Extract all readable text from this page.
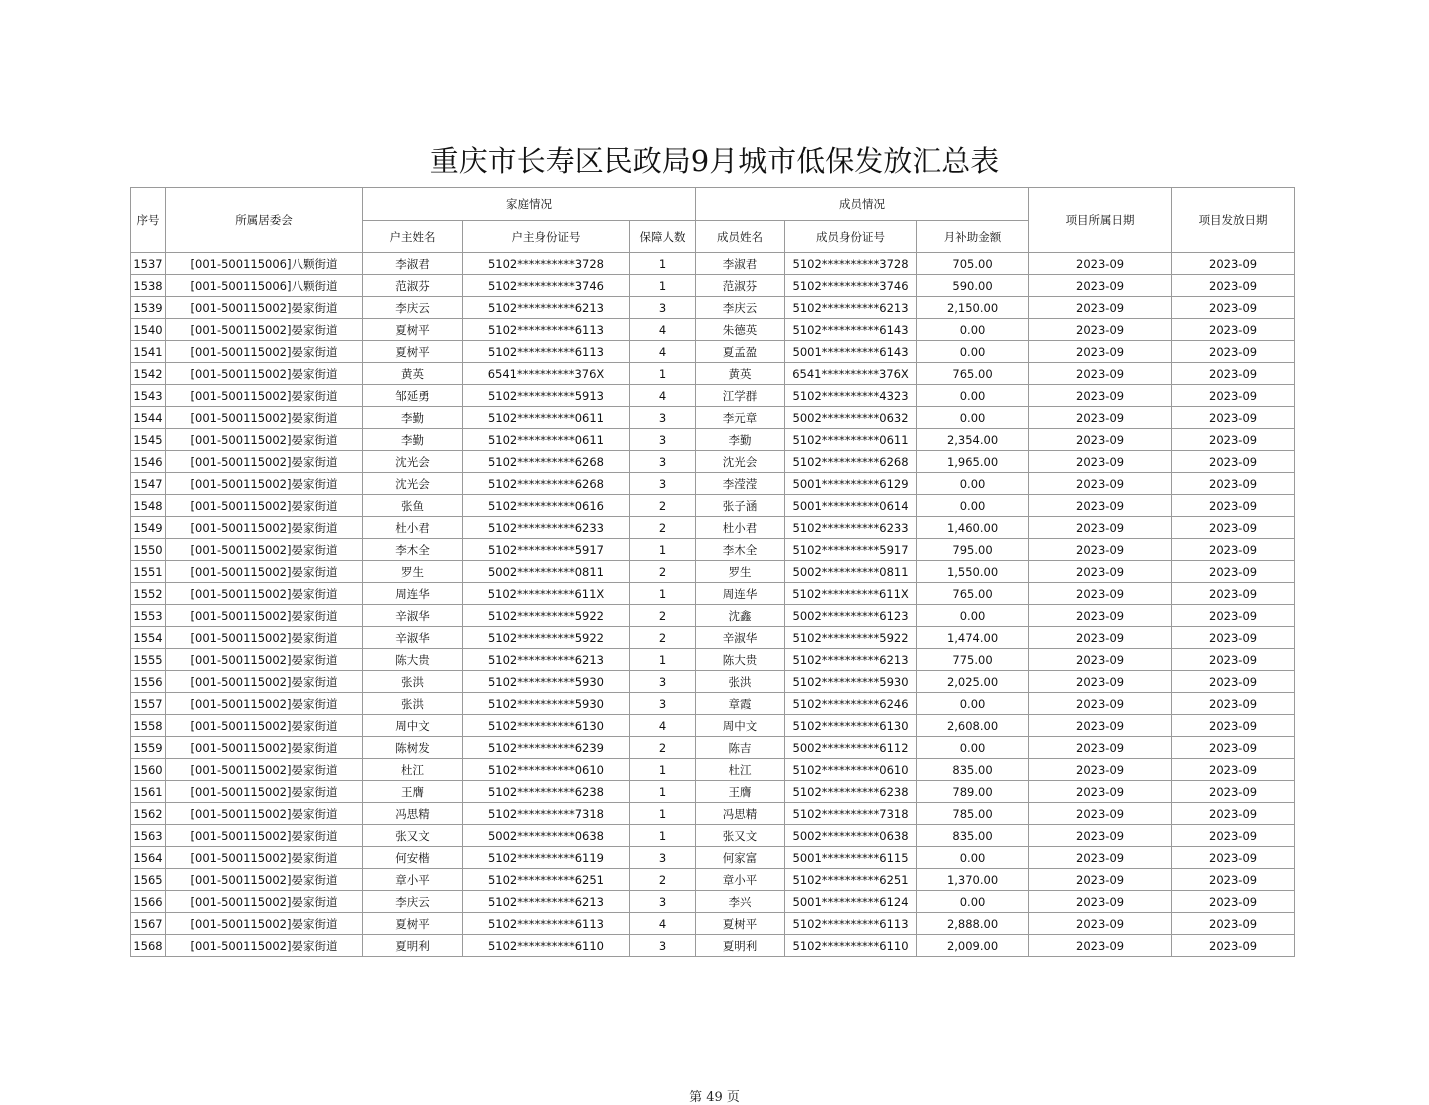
重庆市长寿区民政局9月城市低保发放汇总表
序号	所属居委会	家庭情况			成员情况			项目所属日期	项目发放日期
		户主姓名	户主身份证号	保障人数	成员姓名	成员身份证号	月补助金额		
1537	[001-500115006]八颗街道	李淑君	5102**********3728	1	李淑君	5102**********3728	705.00	2023-09	2023-09
1538	[001-500115006]八颗街道	范淑芬	5102**********3746	1	范淑芬	5102**********3746	590.00	2023-09	2023-09
1539	[001-500115002]晏家街道	李庆云	5102**********6213	3	李庆云	5102**********6213	2,150.00	2023-09	2023-09
1540	[001-500115002]晏家街道	夏树平	5102**********6113	4	朱德英	5102**********6143	0.00	2023-09	2023-09
1541	[001-500115002]晏家街道	夏树平	5102**********6113	4	夏孟盈	5001**********6143	0.00	2023-09	2023-09
1542	[001-500115002]晏家街道	黄英	6541**********376X	1	黄英	6541**********376X	765.00	2023-09	2023-09
1543	[001-500115002]晏家街道	邹延勇	5102**********5913	4	江学群	5102**********4323	0.00	2023-09	2023-09
1544	[001-500115002]晏家街道	李勤	5102**********0611	3	李元章	5002**********0632	0.00	2023-09	2023-09
1545	[001-500115002]晏家街道	李勤	5102**********0611	3	李勤	5102**********0611	2,354.00	2023-09	2023-09
1546	[001-500115002]晏家街道	沈光会	5102**********6268	3	沈光会	5102**********6268	1,965.00	2023-09	2023-09
1547	[001-500115002]晏家街道	沈光会	5102**********6268	3	李滢滢	5001**********6129	0.00	2023-09	2023-09
1548	[001-500115002]晏家街道	张鱼	5102**********0616	2	张子涵	5001**********0614	0.00	2023-09	2023-09
1549	[001-500115002]晏家街道	杜小君	5102**********6233	2	杜小君	5102**********6233	1,460.00	2023-09	2023-09
1550	[001-500115002]晏家街道	李木全	5102**********5917	1	李木全	5102**********5917	795.00	2023-09	2023-09
1551	[001-500115002]晏家街道	罗生	5002**********0811	2	罗生	5002**********0811	1,550.00	2023-09	2023-09
1552	[001-500115002]晏家街道	周连华	5102**********611X	1	周连华	5102**********611X	765.00	2023-09	2023-09
1553	[001-500115002]晏家街道	辛淑华	5102**********5922	2	沈鑫	5002**********6123	0.00	2023-09	2023-09
1554	[001-500115002]晏家街道	辛淑华	5102**********5922	2	辛淑华	5102**********5922	1,474.00	2023-09	2023-09
1555	[001-500115002]晏家街道	陈大贵	5102**********6213	1	陈大贵	5102**********6213	775.00	2023-09	2023-09
1556	[001-500115002]晏家街道	张洪	5102**********5930	3	张洪	5102**********5930	2,025.00	2023-09	2023-09
1557	[001-500115002]晏家街道	张洪	5102**********5930	3	章霞	5102**********6246	0.00	2023-09	2023-09
1558	[001-500115002]晏家街道	周中文	5102**********6130	4	周中文	5102**********6130	2,608.00	2023-09	2023-09
1559	[001-500115002]晏家街道	陈树发	5102**********6239	2	陈吉	5002**********6112	0.00	2023-09	2023-09
1560	[001-500115002]晏家街道	杜江	5102**********0610	1	杜江	5102**********0610	835.00	2023-09	2023-09
1561	[001-500115002]晏家街道	王膺	5102**********6238	1	王膺	5102**********6238	789.00	2023-09	2023-09
1562	[001-500115002]晏家街道	冯思精	5102**********7318	1	冯思精	5102**********7318	785.00	2023-09	2023-09
1563	[001-500115002]晏家街道	张又文	5002**********0638	1	张又文	5002**********0638	835.00	2023-09	2023-09
1564	[001-500115002]晏家街道	何安楷	5102**********6119	3	何家富	5001**********6115	0.00	2023-09	2023-09
1565	[001-500115002]晏家街道	章小平	5102**********6251	2	章小平	5102**********6251	1,370.00	2023-09	2023-09
1566	[001-500115002]晏家街道	李庆云	5102**********6213	3	李兴	5001**********6124	0.00	2023-09	2023-09
1567	[001-500115002]晏家街道	夏树平	5102**********6113	4	夏树平	5102**********6113	2,888.00	2023-09	2023-09
1568	[001-500115002]晏家街道	夏明利	5102**********6110	3	夏明利	5102**********6110	2,009.00	2023-09	2023-09
第 49 页
